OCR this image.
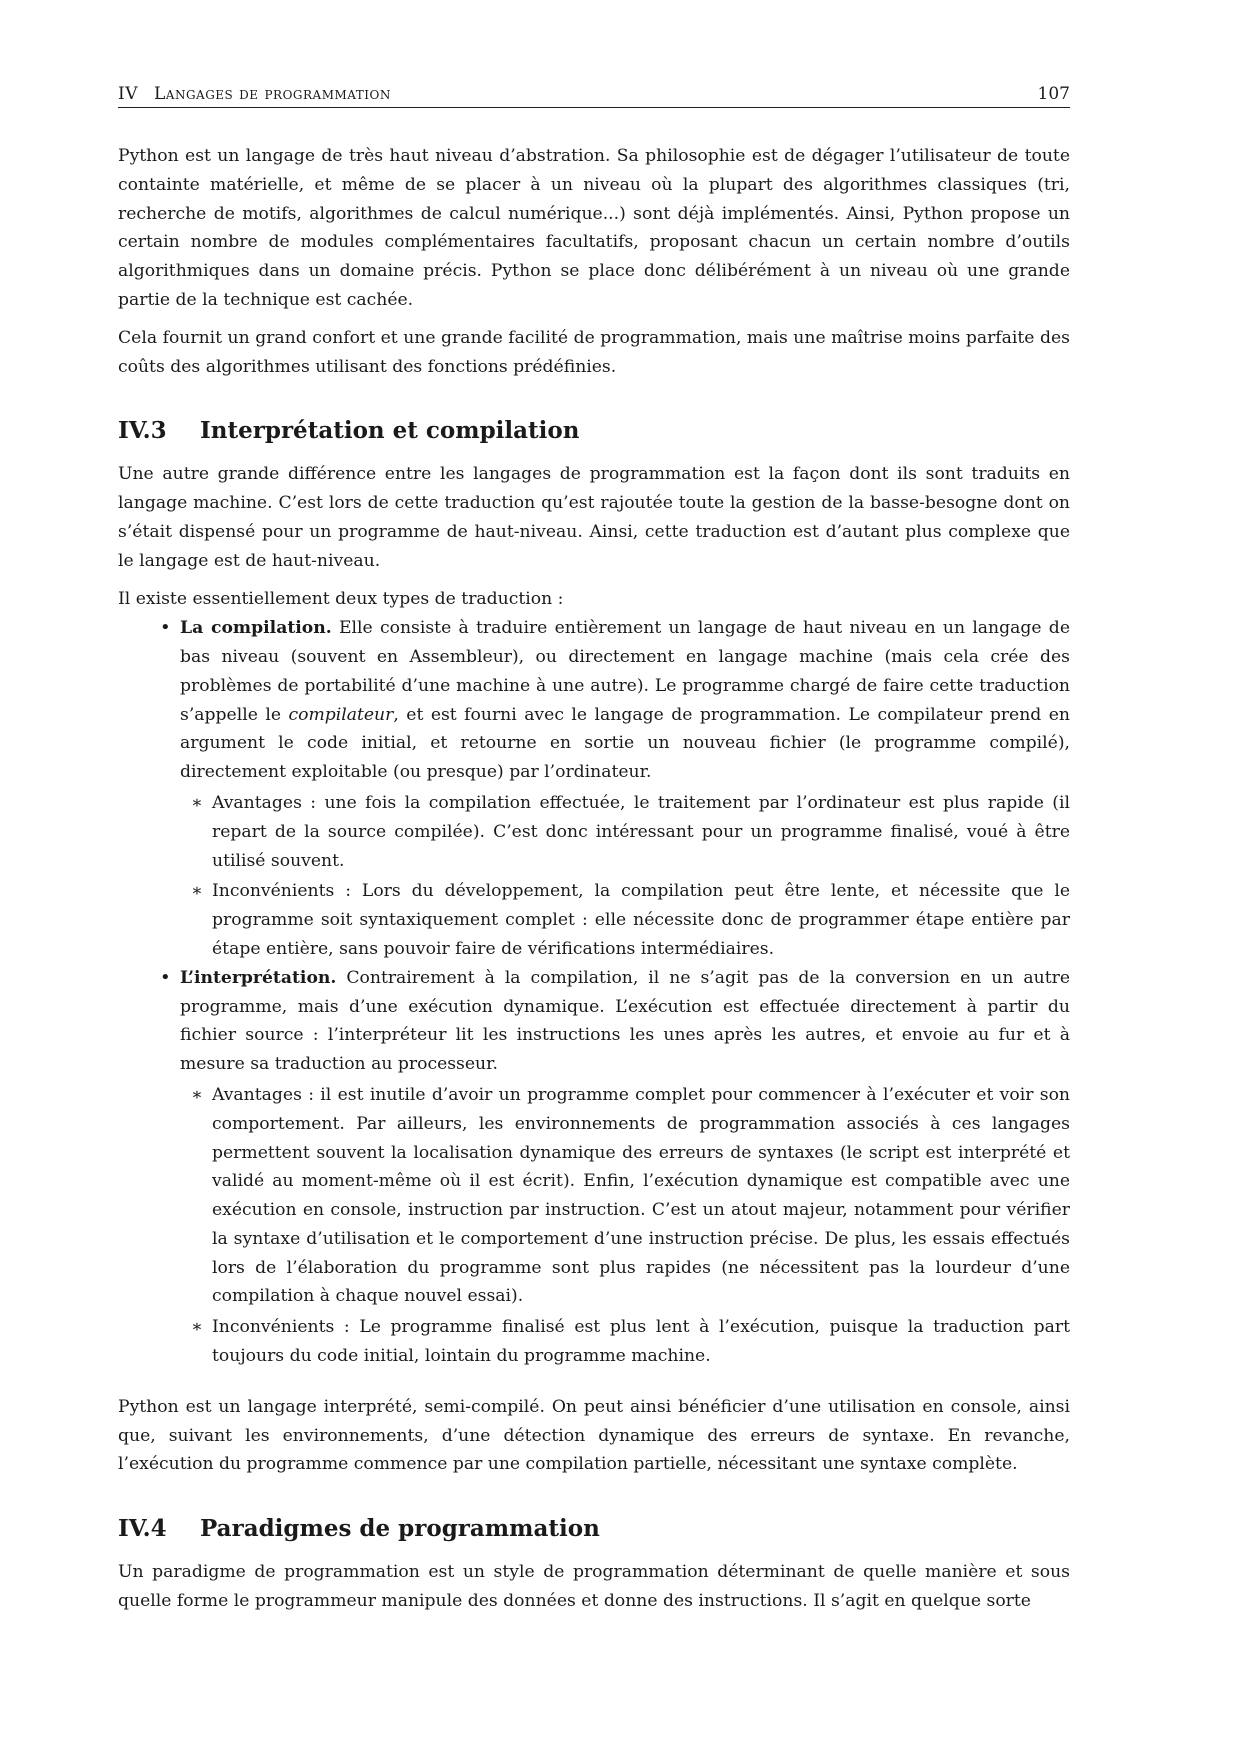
IV Langages de programmation	107

Python est un langage de très haut niveau d’abstration. Sa philosophie est de dégager l’utilisateur de toute containte matérielle, et même de se placer à un niveau où la plupart des algorithmes classiques (tri, recherche de motifs, algorithmes de calcul numérique...) sont déjà implémentés. Ainsi, Python propose un certain nombre de modules complémentaires facultatifs, proposant chacun un certain nombre d’outils algorithmiques dans un domaine précis. Python se place donc délibérément à un niveau où une grande partie de la technique est cachée.

Cela fournit un grand confort et une grande facilité de programmation, mais une maîtrise moins parfaite des coûts des algorithmes utilisant des fonctions prédéfinies.

IV.3 Interprétation et compilation

Une autre grande différence entre les langages de programmation est la façon dont ils sont traduits en langage machine. C’est lors de cette traduction qu’est rajoutée toute la gestion de la basse-besogne dont on s’était dispensé pour un programme de haut-niveau. Ainsi, cette traduction est d’autant plus complexe que le langage est de haut-niveau.

Il existe essentiellement deux types de traduction :

• La compilation. Elle consiste à traduire entièrement un langage de haut niveau en un langage de bas niveau (souvent en Assembleur), ou directement en langage machine (mais cela crée des problèmes de portabilité d’une machine à une autre). Le programme chargé de faire cette traduction s’appelle le compilateur, et est fourni avec le langage de programmation. Le compilateur prend en argument le code initial, et retourne en sortie un nouveau fichier (le programme compilé), directement exploitable (ou presque) par l’ordinateur.
∗ Avantages : une fois la compilation effectuée, le traitement par l’ordinateur est plus rapide (il repart de la source compilée). C’est donc intéressant pour un programme finalisé, voué à être utilisé souvent.
∗ Inconvénients : Lors du développement, la compilation peut être lente, et nécessite que le programme soit syntaxiquement complet : elle nécessite donc de programmer étape entière par étape entière, sans pouvoir faire de vérifications intermédiaires.
• L’interprétation. Contrairement à la compilation, il ne s’agit pas de la conversion en un autre programme, mais d’une exécution dynamique. L’exécution est effectuée directement à partir du fichier source : l’interpréteur lit les instructions les unes après les autres, et envoie au fur et à mesure sa traduction au processeur.
∗ Avantages : il est inutile d’avoir un programme complet pour commencer à l’exécuter et voir son comportement. Par ailleurs, les environnements de programmation associés à ces langages permettent souvent la localisation dynamique des erreurs de syntaxes (le script est interprété et validé au moment-même où il est écrit). Enfin, l’exécution dynamique est compatible avec une exécution en console, instruction par instruction. C’est un atout majeur, notamment pour vérifier la syntaxe d’utilisation et le comportement d’une instruction précise. De plus, les essais effectués lors de l’élaboration du programme sont plus rapides (ne nécessitent pas la lourdeur d’une compilation à chaque nouvel essai).
∗ Inconvénients : Le programme finalisé est plus lent à l’exécution, puisque la traduction part toujours du code initial, lointain du programme machine.

Python est un langage interprété, semi-compilé. On peut ainsi bénéficier d’une utilisation en console, ainsi que, suivant les environnements, d’une détection dynamique des erreurs de syntaxe. En revanche, l’exécution du programme commence par une compilation partielle, nécessitant une syntaxe complète.

IV.4 Paradigmes de programmation

Un paradigme de programmation est un style de programmation déterminant de quelle manière et sous quelle forme le programmeur manipule des données et donne des instructions. Il s’agit en quelque sorte
